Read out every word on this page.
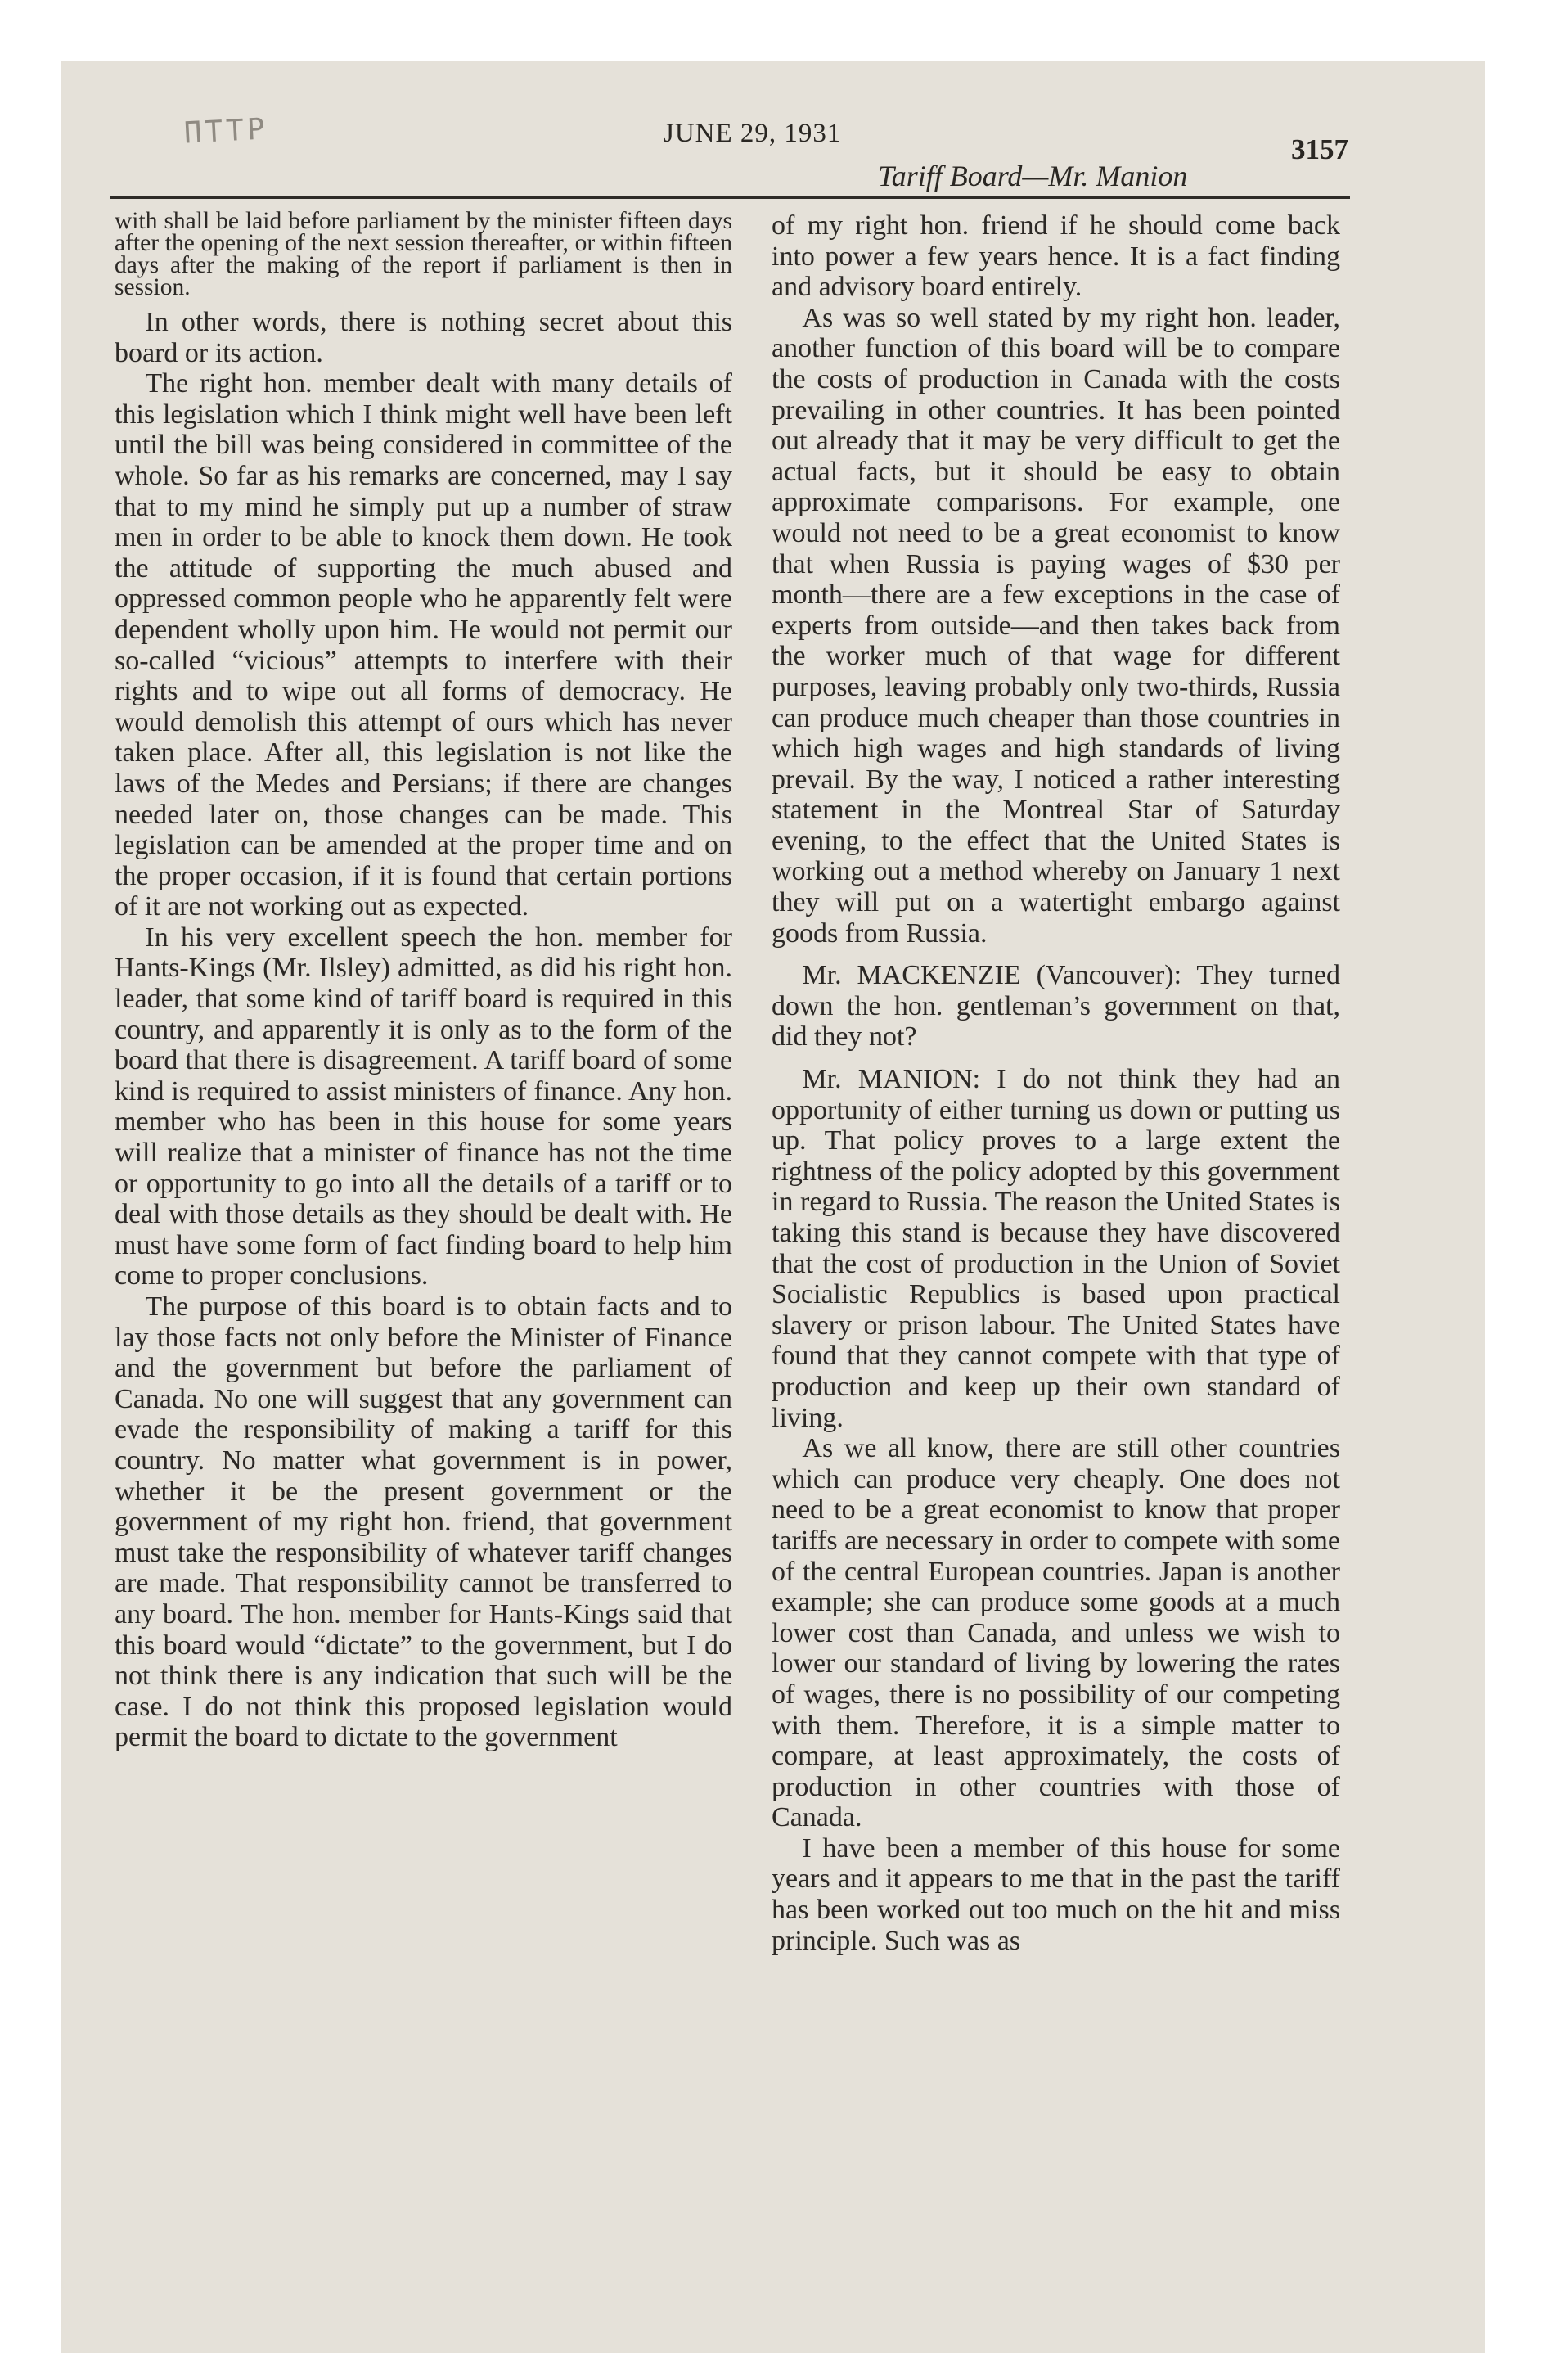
ΠΤΤΡ	JUNE 29, 1931
Tariff Board—Mr. Manion
3157

with shall be laid before parliament by the minister fifteen days after the opening of the next session thereafter, or within fifteen days after the making of the report if parliament is then in session.

In other words, there is nothing secret about this board or its action.

The right hon. member dealt with many details of this legislation which I think might well have been left until the bill was being considered in committee of the whole. So far as his remarks are concerned, may I say that to my mind he simply put up a number of straw men in order to be able to knock them down. He took the attitude of supporting the much abused and oppressed common people who he apparently felt were dependent wholly upon him. He would not permit our so-called “vicious” attempts to interfere with their rights and to wipe out all forms of democracy. He would demolish this attempt of ours which has never taken place. After all, this legislation is not like the laws of the Medes and Persians; if there are changes needed later on, those changes can be made. This legislation can be amended at the proper time and on the proper occasion, if it is found that certain portions of it are not working out as expected.

In his very excellent speech the hon. member for Hants-Kings (Mr. Ilsley) admitted, as did his right hon. leader, that some kind of tariff board is required in this country, and apparently it is only as to the form of the board that there is disagreement. A tariff board of some kind is required to assist ministers of finance. Any hon. member who has been in this house for some years will realize that a minister of finance has not the time or opportunity to go into all the details of a tariff or to deal with those details as they should be dealt with. He must have some form of fact finding board to help him come to proper conclusions.

The purpose of this board is to obtain facts and to lay those facts not only before the Minister of Finance and the government but before the parliament of Canada. No one will suggest that any government can evade the responsibility of making a tariff for this country. No matter what government is in power, whether it be the present government or the government of my right hon. friend, that government must take the responsibility of whatever tariff changes are made. That responsibility cannot be transferred to any board. The hon. member for Hants-Kings said that this board would “dictate” to the government, but I do not think there is any indication that such will be the case. I do not think this proposed legislation would permit the board to dictate to the government

of my right hon. friend if he should come back into power a few years hence. It is a fact finding and advisory board entirely.

As was so well stated by my right hon. leader, another function of this board will be to compare the costs of production in Canada with the costs prevailing in other countries. It has been pointed out already that it may be very difficult to get the actual facts, but it should be easy to obtain approximate comparisons. For example, one would not need to be a great economist to know that when Russia is paying wages of $30 per month—there are a few exceptions in the case of experts from outside—and then takes back from the worker much of that wage for different purposes, leaving probably only two-thirds, Russia can produce much cheaper than those countries in which high wages and high standards of living prevail. By the way, I noticed a rather interesting statement in the Montreal Star of Saturday evening, to the effect that the United States is working out a method whereby on January 1 next they will put on a watertight embargo against goods from Russia.

Mr. MACKENZIE (Vancouver): They turned down the hon. gentleman’s government on that, did they not?

Mr. MANION: I do not think they had an opportunity of either turning us down or putting us up. That policy proves to a large extent the rightness of the policy adopted by this government in regard to Russia. The reason the United States is taking this stand is because they have discovered that the cost of production in the Union of Soviet Socialistic Republics is based upon practical slavery or prison labour. The United States have found that they cannot compete with that type of production and keep up their own standard of living.

As we all know, there are still other countries which can produce very cheaply. One does not need to be a great economist to know that proper tariffs are necessary in order to compete with some of the central European countries. Japan is another example; she can produce some goods at a much lower cost than Canada, and unless we wish to lower our standard of living by lowering the rates of wages, there is no possibility of our competing with them. Therefore, it is a simple matter to compare, at least approximately, the costs of production in other countries with those of Canada.

I have been a member of this house for some years and it appears to me that in the past the tariff has been worked out too much on the hit and miss principle. Such was as
